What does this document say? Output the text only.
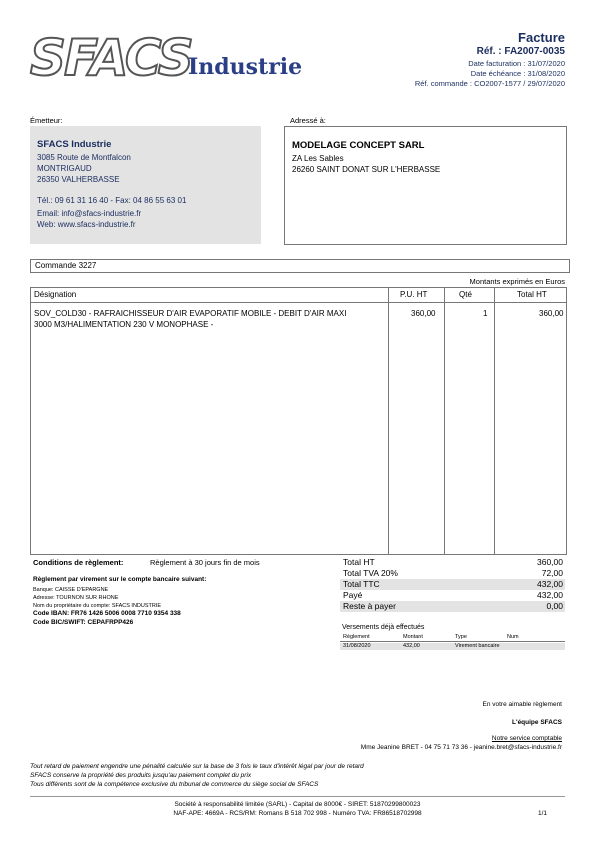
SFACS
Industrie
Facture
Réf. : FA2007-0035
Date facturation : 31/07/2020
Date échéance : 31/08/2020
Réf. commande : CO2007-1577 / 29/07/2020
Émetteur:
SFACS Industrie
3085 Route de Montfalcon
MONTRIGAUD
26350 VALHERBASSE
Tél.: 09 61 31 16 40 - Fax: 04 86 55 63 01
Email: info@sfacs-industrie.fr
Web: www.sfacs-industrie.fr
Adressé à:
MODELAGE CONCEPT SARL
ZA Les Sables
26260 SAINT DONAT SUR L'HERBASSE
Commande 3227
Montants exprimés en Euros
Désignation	P.U. HT	Qté	Total HT
SOV_COLD30 - RAFRAICHISSEUR D'AIR EVAPORATIF MOBILE - DEBIT D'AIR MAXI
3000 M3/HALIMENTATION 230 V MONOPHASE -
360,00	1	360,00
Conditions de règlement:	Règlement à 30 jours fin de mois
Règlement par virement sur le compte bancaire suivant:
Banque: CAISSE D'EPARGNE
Adresse: TOURNON SUR RHONE
Nom du propriétaire du compte: SFACS INDUSTRIE
Code IBAN: FR76 1426 5006 0008 7710 9354 338
Code BIC/SWIFT: CEPAFRPP426
Total HT	360,00
Total TVA 20%	72,00
Total TTC	432,00
Payé	432,00
Reste à payer	0,00
Versements déjà effectués
Règlement	Montant	Type	Num
31/08/2020	432,00	Virement bancaire
En votre aimable règlement
L'équipe SFACS
Notre service comptable
Mme Jeanine BRET - 04 75 71 73 36 - jeanine.bret@sfacs-industrie.fr
Tout retard de paiement engendre une pénalité calculée sur la base de 3 fois le taux d'intérêt légal par jour de retard
SFACS conserve la propriété des produits jusqu'au paiement complet du prix
Tous différents sont de la compétence exclusive du tribunal de commerce du siège social de SFACS
Société à responsabilité limitée (SARL) - Capital de 8000€ - SIRET: 51870299800023
NAF-APE: 4669A - RCS/RM: Romans B 518 702 998 - Numéro TVA: FR86518702998	1/1
